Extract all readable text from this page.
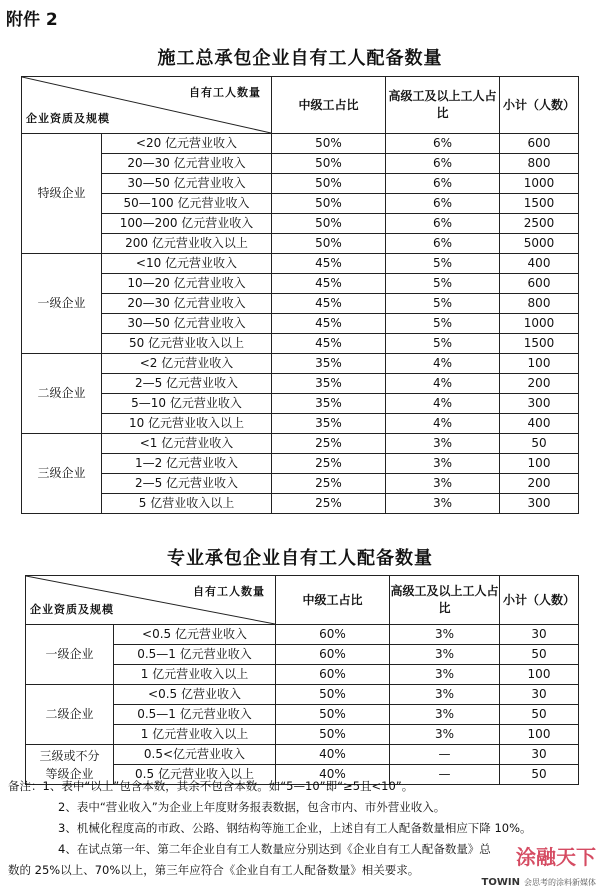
附件 2
施工总承包企业自有工人配备数量
自有工人数量
企业资质及规模		中级工占比	高级工及以上工人占比	小计（人数）
特级企业	<20 亿元营业收入	50%	6%	600
	20—30 亿元营业收入	50%	6%	800
	30—50 亿元营业收入	50%	6%	1000
	50—100 亿元营业收入	50%	6%	1500
	100—200 亿元营业收入	50%	6%	2500
	200 亿元营业收入以上	50%	6%	5000
一级企业	<10 亿元营业收入	45%	5%	400
	10—20 亿元营业收入	45%	5%	600
	20—30 亿元营业收入	45%	5%	800
	30—50 亿元营业收入	45%	5%	1000
	50 亿元营业收入以上	45%	5%	1500
二级企业	<2 亿元营业收入	35%	4%	100
	2—5 亿元营业收入	35%	4%	200
	5—10 亿元营业收入	35%	4%	300
	10 亿元营业收入以上	35%	4%	400
三级企业	<1 亿元营业收入	25%	3%	50
	1—2 亿元营业收入	25%	3%	100
	2—5 亿元营业收入	25%	3%	200
	5 亿营业收入以上	25%	3%	300
专业承包企业自有工人配备数量
自有工人数量
企业资质及规模		中级工占比	高级工及以上工人占比	小计（人数）
一级企业	<0.5 亿元营业收入	60%	3%	30
	0.5—1 亿元营业收入	60%	3%	50
	1 亿元营业收入以上	60%	3%	100
二级企业	<0.5 亿营业收入	50%	3%	30
	0.5—1 亿元营业收入	50%	3%	50
	1 亿元营业收入以上	50%	3%	100
三级或不分等级企业	0.5<亿元营业收入	40%	—	30
	0.5 亿元营业收入以上	40%	—	50
备注：1、表中“以上”包含本数，其余不包含本数。如“5—10”即“≥5且<10”。
2、表中“营业收入”为企业上年度财务报表数据，包含市内、市外营业收入。
3、机械化程度高的市政、公路、钢结构等施工企业，上述自有工人配备数量相应下降 10%。
4、在试点第一年、第二年企业自有工人数量应分别达到《企业自有工人配备数量》总
数的 25%以上、70%以上，第三年应符合《企业自有工人配备数量》相关要求。
涂融天下
TOWIN 会思考的涂料新媒体
